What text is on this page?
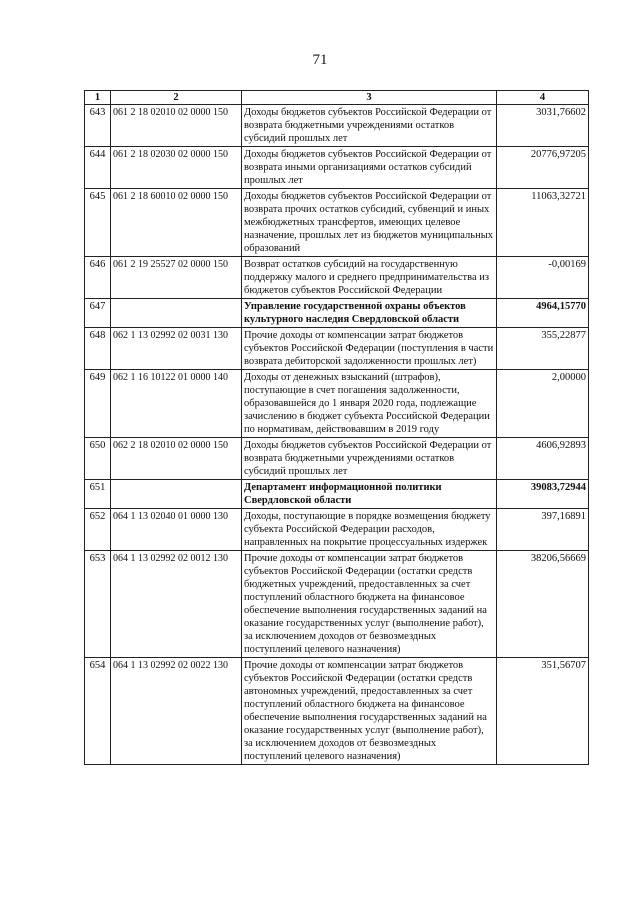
71
1	2	3	4
643	061 2 18 02010 02 0000 150	Доходы бюджетов субъектов Российской Федерации от возврата бюджетными учреждениями остатков субсидий прошлых лет	3031,76602
644	061 2 18 02030 02 0000 150	Доходы бюджетов субъектов Российской Федерации от возврата иными организациями остатков субсидий прошлых лет	20776,97205
645	061 2 18 60010 02 0000 150	Доходы бюджетов субъектов Российской Федерации от возврата прочих остатков субсидий, субвенций и иных межбюджетных трансфертов, имеющих целевое назначение, прошлых лет из бюджетов муниципальных образований	11063,32721
646	061 2 19 25527 02 0000 150	Возврат остатков субсидий на государственную поддержку малого и среднего предпринимательства из бюджетов субъектов Российской Федерации	-0,00169
647		Управление государственной охраны объектов культурного наследия Свердловской области	4964,15770
648	062 1 13 02992 02 0031 130	Прочие доходы от компенсации затрат бюджетов субъектов Российской Федерации (поступления в части возврата дебиторской задолженности прошлых лет)	355,22877
649	062 1 16 10122 01 0000 140	Доходы от денежных взысканий (штрафов), поступающие в счет погашения задолженности, образовавшейся до 1 января 2020 года, подлежащие зачислению в бюджет субъекта Российской Федерации по нормативам, действовавшим в 2019 году	2,00000
650	062 2 18 02010 02 0000 150	Доходы бюджетов субъектов Российской Федерации от возврата бюджетными учреждениями остатков субсидий прошлых лет	4606,92893
651		Департамент информационной политики Свердловской области	39083,72944
652	064 1 13 02040 01 0000 130	Доходы, поступающие в порядке возмещения бюджету субъекта Российской Федерации расходов, направленных на покрытие процессуальных издержек	397,16891
653	064 1 13 02992 02 0012 130	Прочие доходы от компенсации затрат бюджетов субъектов Российской Федерации (остатки средств бюджетных учреждений, предоставленных за счет поступлений областного бюджета на финансовое обеспечение выполнения государственных заданий на оказание государственных услуг (выполнение работ), за исключением доходов от безвозмездных поступлений целевого назначения)	38206,56669
654	064 1 13 02992 02 0022 130	Прочие доходы от компенсации затрат бюджетов субъектов Российской Федерации (остатки средств автономных учреждений, предоставленных за счет поступлений областного бюджета на финансовое обеспечение выполнения государственных заданий на оказание государственных услуг (выполнение работ), за исключением доходов от безвозмездных поступлений целевого назначения)	351,56707
